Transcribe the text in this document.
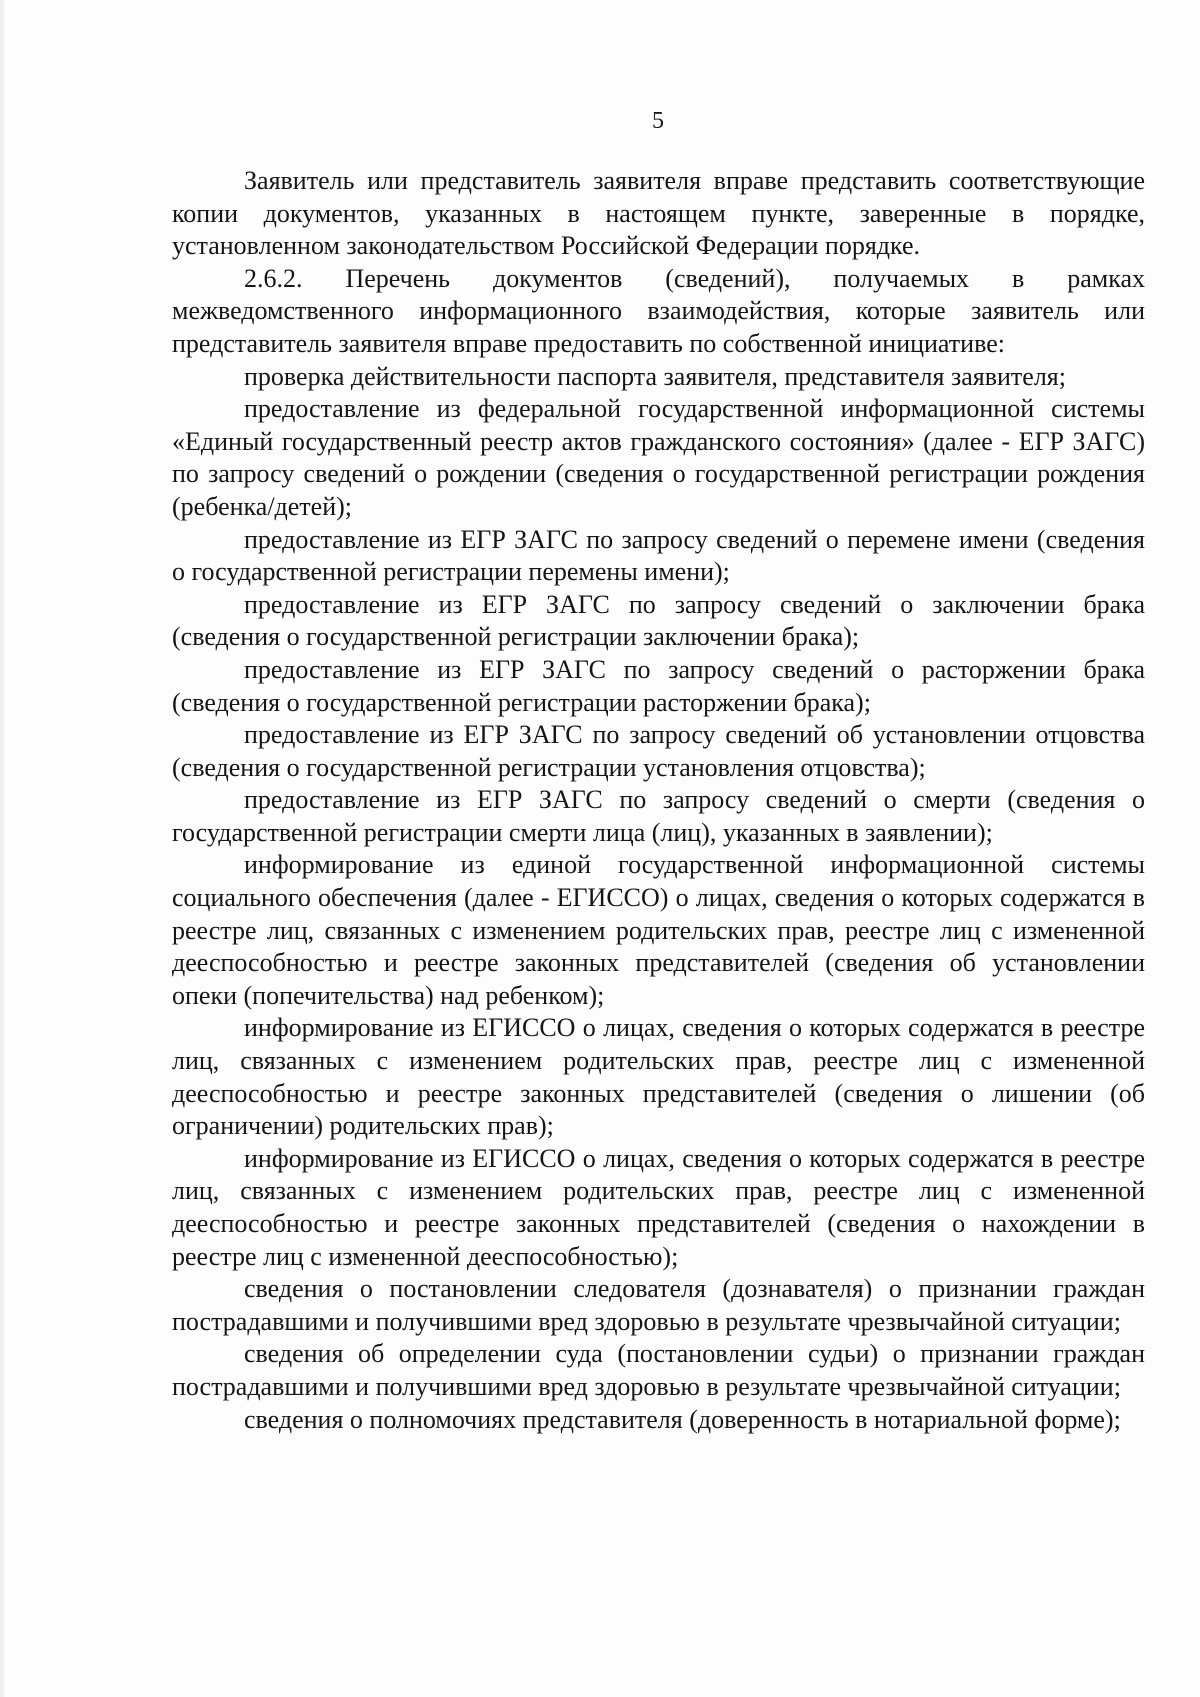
5

Заявитель или представитель заявителя вправе представить соответствующие копии документов, указанных в настоящем пункте, заверенные в порядке, установленном законодательством Российской Федерации порядке.

2.6.2. Перечень документов (сведений), получаемых в рамках межведомственного информационного взаимодействия, которые заявитель или представитель заявителя вправе предоставить по собственной инициативе:

проверка действительности паспорта заявителя, представителя заявителя;

предоставление из федеральной государственной информационной системы «Единый государственный реестр актов гражданского состояния» (далее - ЕГР ЗАГС) по запросу сведений о рождении (сведения о государственной регистрации рождения (ребенка/детей);

предоставление из ЕГР ЗАГС по запросу сведений о перемене имени (сведения о государственной регистрации перемены имени);

предоставление из ЕГР ЗАГС по запросу сведений о заключении брака (сведения о государственной регистрации заключении брака);

предоставление из ЕГР ЗАГС по запросу сведений о расторжении брака (сведения о государственной регистрации расторжении брака);

предоставление из ЕГР ЗАГС по запросу сведений об установлении отцовства (сведения о государственной регистрации установления отцовства);

предоставление из ЕГР ЗАГС по запросу сведений о смерти (сведения о государственной регистрации смерти лица (лиц), указанных в заявлении);

информирование из единой государственной информационной системы социального обеспечения (далее - ЕГИССО) о лицах, сведения о которых содержатся в реестре лиц, связанных с изменением родительских прав, реестре лиц с измененной дееспособностью и реестре законных представителей (сведения об установлении опеки (попечительства) над ребенком);

информирование из ЕГИССО о лицах, сведения о которых содержатся в реестре лиц, связанных с изменением родительских прав, реестре лиц с измененной дееспособностью и реестре законных представителей (сведения о лишении (об ограничении) родительских прав);

информирование из ЕГИССО о лицах, сведения о которых содержатся в реестре лиц, связанных с изменением родительских прав, реестре лиц с измененной дееспособностью и реестре законных представителей (сведения о нахождении в реестре лиц с измененной дееспособностью);

сведения о постановлении следователя (дознавателя) о признании граждан пострадавшими и получившими вред здоровью в результате чрезвычайной ситуации;

сведения об определении суда (постановлении судьи) о признании граждан пострадавшими и получившими вред здоровью в результате чрезвычайной ситуации;

сведения о полномочиях представителя (доверенность в нотариальной форме);
